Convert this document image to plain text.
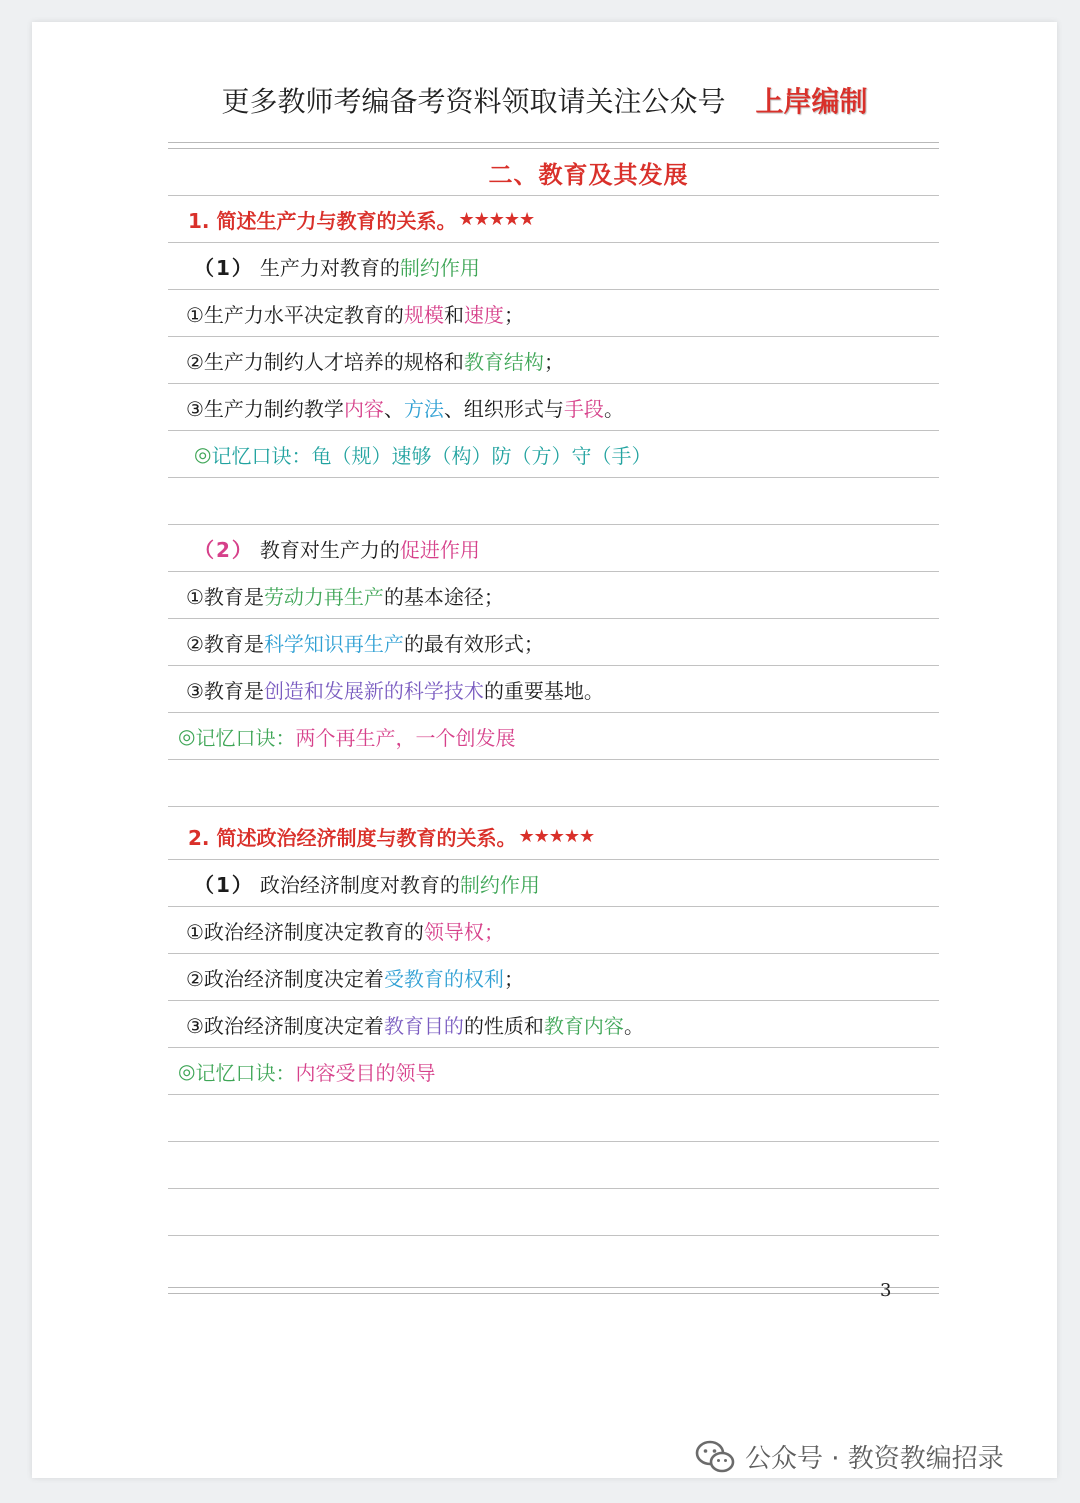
更多教师考编备考资料领取请关注公众号 上岸编制
二、教育及其发展
1. 简述生产力与教育的关系。 ★★★★★
（1） 生产力对教育的 制约作用
①生产力水平决定教育的 规模 和 速度 ；
②生产力制约人才培养的规格和 教育结构 ；
③生产力制约教学 内容 、 方法 、组织形式与 手段 。
◎ 记忆口诀：龟（规）速够（构）防（方）守（手）
（2） 教育对生产力的 促进作用
①教育是 劳动力再生产 的基本途径；
②教育是 科学知识再生产 的最有效形式；
③教育是 创造和发展新的科学技术 的重要基地。
◎ 记忆口诀： 两个再生产，一个创发展
2. 简述政治经济制度与教育的关系。 ★★★★★
（1） 政治经济制度对教育的 制约作用
①政治经济制度决定教育的 领导权 ；
②政治经济制度决定着 受教育的权利 ；
③政治经济制度决定着 教育目的 的性质和 教育内容 。
◎ 记忆口诀： 内容受目的领导
3
公众号 · 教资教编招录
